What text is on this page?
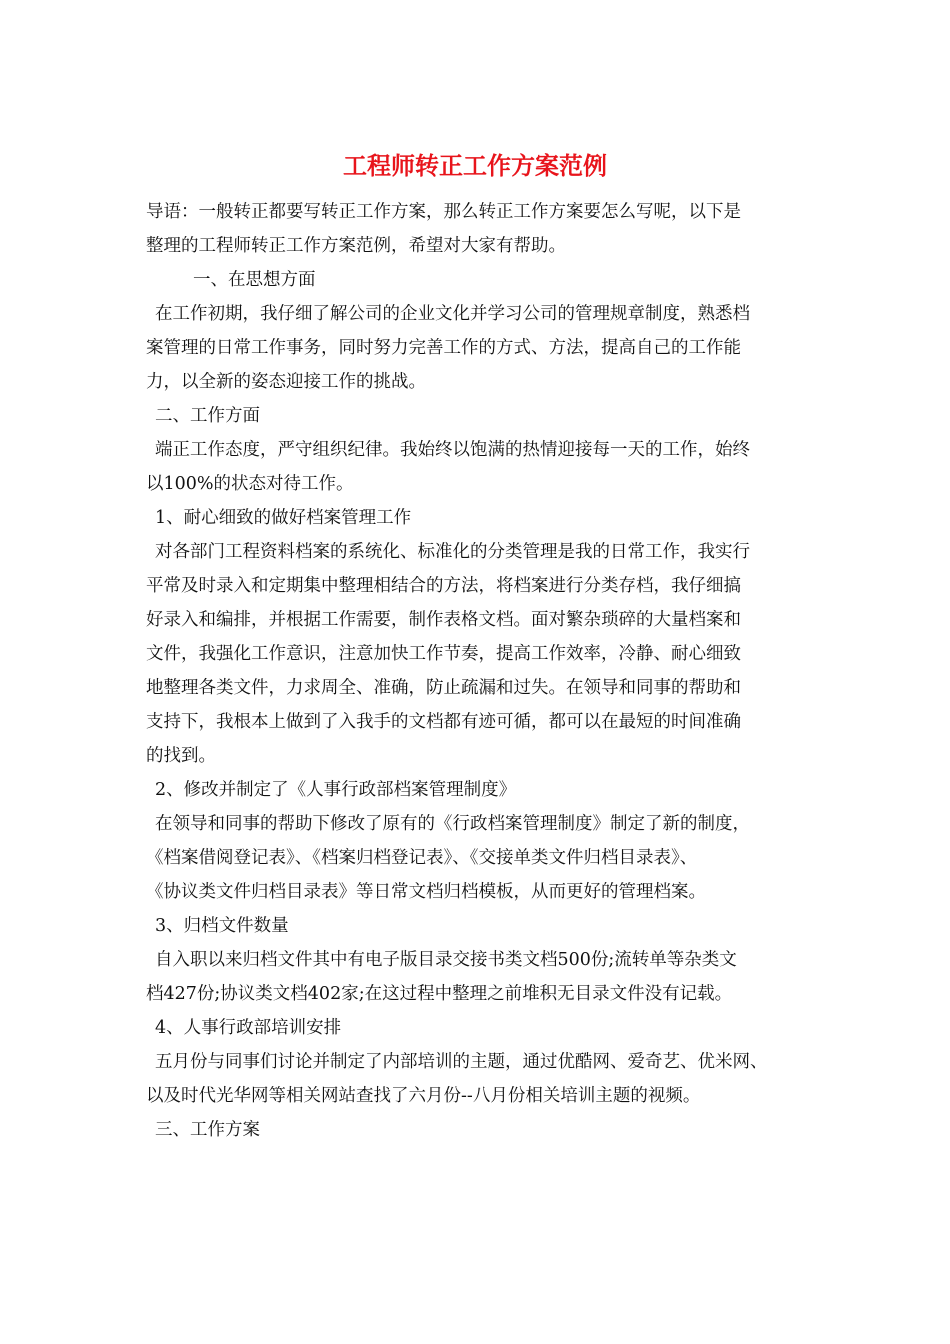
工程师转正工作方案范例
导语：一般转正都要写转正工作方案，那么转正工作方案要怎么写呢，以下是
整理的工程师转正工作方案范例，希望对大家有帮助。
一、在思想方面
在工作初期，我仔细了解公司的企业文化并学习公司的管理规章制度，熟悉档
案管理的日常工作事务，同时努力完善工作的方式、方法，提高自己的工作能
力，以全新的姿态迎接工作的挑战。
二、工作方面
端正工作态度，严守组织纪律。我始终以饱满的热情迎接每一天的工作，始终
以100%的状态对待工作。
1、耐心细致的做好档案管理工作
对各部门工程资料档案的系统化、标准化的分类管理是我的日常工作，我实行
平常及时录入和定期集中整理相结合的方法，将档案进行分类存档，我仔细搞
好录入和编排，并根据工作需要，制作表格文档。面对繁杂琐碎的大量档案和
文件，我强化工作意识，注意加快工作节奏，提高工作效率，冷静、耐心细致
地整理各类文件，力求周全、准确，防止疏漏和过失。在领导和同事的帮助和
支持下，我根本上做到了入我手的文档都有迹可循，都可以在最短的时间准确
的找到。
2、修改并制定了《人事行政部档案管理制度》
在领导和同事的帮助下修改了原有的《行政档案管理制度》制定了新的制度，
《档案借阅登记表》、《档案归档登记表》、《交接单类文件归档目录表》、
《协议类文件归档目录表》等日常文档归档模板，从而更好的管理档案。
3、归档文件数量
自入职以来归档文件其中有电子版目录交接书类文档500份;流转单等杂类文
档427份;协议类文档402家;在这过程中整理之前堆积无目录文件没有记载。
4、人事行政部培训安排
五月份与同事们讨论并制定了内部培训的主题，通过优酷网、爱奇艺、优米网、
以及时代光华网等相关网站查找了六月份--八月份相关培训主题的视频。
三、工作方案
